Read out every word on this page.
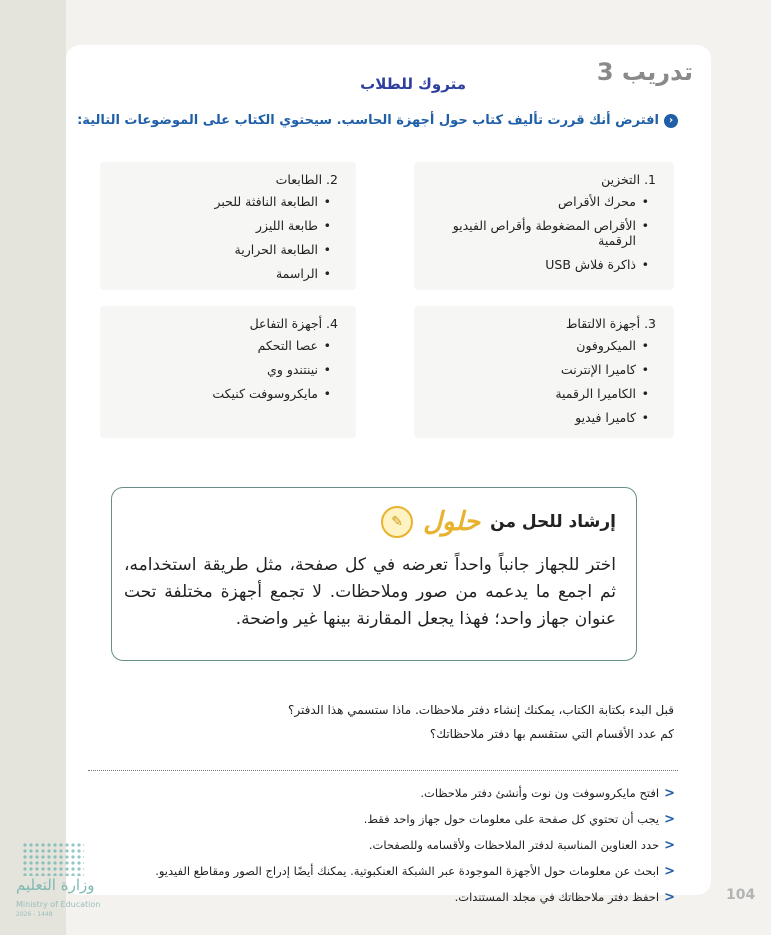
تدريب 3
متروك للطلاب
‹
افترض أنك قررت تأليف كتاب حول أجهزة الحاسب. سيحتوي الكتاب على الموضوعات التالية:
1. التخزين
• محرك الأقراص
• الأقراص المضغوطة وأقراص الفيديو الرقمية
• ذاكرة فلاش USB
2. الطابعات
• الطابعة النافثة للحبر
• طابعة الليزر
• الطابعة الحرارية
• الراسمة
3. أجهزة الالتقاط
• الميكروفون
• كاميرا الإنترنت
• الكاميرا الرقمية
• كاميرا فيديو
4. أجهزة التفاعل
• عصا التحكم
• نينتندو وي
• مايكروسوفت كنيكت
إرشاد للحل من
حلول
✎
اختر للجهاز جانباً واحداً تعرضه في كل صفحة، مثل طريقة استخدامه، ثم اجمع ما يدعمه من صور وملاحظات. لا تجمع أجهزة مختلفة تحت عنوان جهاز واحد؛ فهذا يجعل المقارنة بينها غير واضحة.
قبل البدء بكتابة الكتاب، يمكنك إنشاء دفتر ملاحظات. ماذا ستسمي هذا الدفتر؟
كم عدد الأقسام التي ستقسم بها دفتر ملاحظاتك؟
<
افتح مايكروسوفت ون نوت وأنشئ دفتر ملاحظات.
<
يجب أن تحتوي كل صفحة على معلومات حول جهاز واحد فقط.
<
حدد العناوين المناسبة لدفتر الملاحظات ولأقسامه وللصفحات.
<
ابحث عن معلومات حول الأجهزة الموجودة عبر الشبكة العنكبوتية. يمكنك أيضًا إدراج الصور ومقاطع الفيديو.
<
احفظ دفتر ملاحظاتك في مجلد المستندات.	104
وزارة التعليم
Ministry of Education
2026 - 1448
